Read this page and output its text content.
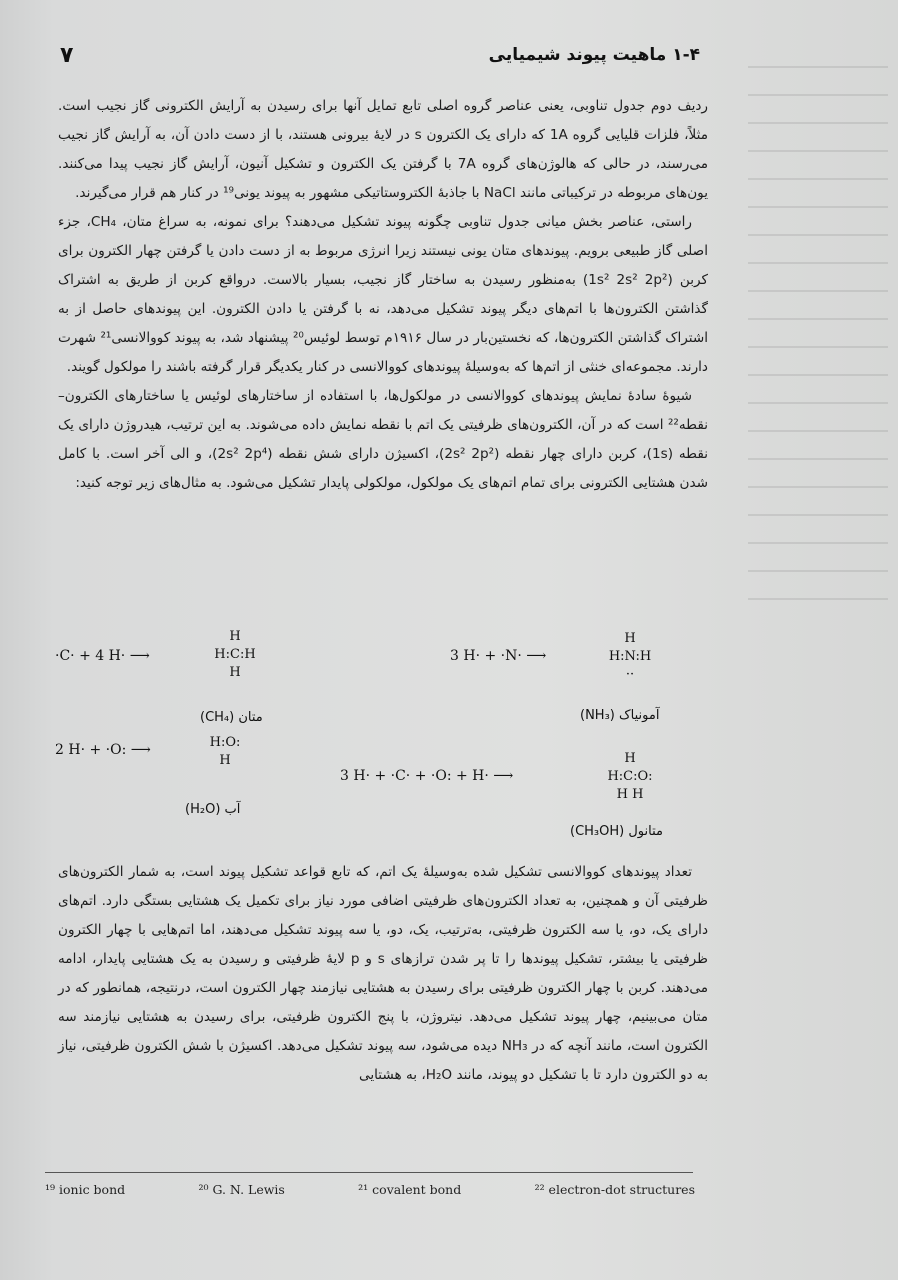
۷	۱-۴ ماهیت پیوند شیمیایی

ردیف دوم جدول تناوبی، یعنی عناصر گروه اصلی تابع تمایل آنها برای رسیدن به آرایش الکترونی گاز نجیب است. مثلاً، فلزات قلیایی گروه 1A که دارای یک الکترون s در لایهٔ بیرونی هستند، با از دست دادن آن، به آرایش گاز نجیب می‌رسند، در حالی که هالوژن‌های گروه 7A با گرفتن یک الکترون و تشکیل آنیون، آرایش گاز نجیب پیدا می‌کنند. یون‌های مربوطه در ترکیباتی مانند NaCl با جاذبهٔ الکتروستاتیکی مشهور به پیوند یونی¹⁹ در کنار هم قرار می‌گیرند.

راستی، عناصر بخش میانی جدول تناوبی چگونه پیوند تشکیل می‌دهند؟ برای نمونه، به سراغ متان، CH₄، جزء اصلی گاز طبیعی برویم. پیوندهای متان یونی نیستند زیرا انرژی مربوط به از دست دادن یا گرفتن چهار الکترون برای کربن (1s² 2s² 2p²) به‌منظور رسیدن به ساختار گاز نجیب، بسیار بالاست. درواقع کربن از طریق به اشتراک گذاشتن الکترون‌ها با اتم‌های دیگر پیوند تشکیل می‌دهد، نه با گرفتن یا دادن الکترون. این پیوندهای حاصل از به اشتراک گذاشتن الکترون‌ها، که نخستین‌بار در سال ۱۹۱۶م توسط لوئیس²⁰ پیشنهاد شد، به پیوند کووالانسی²¹ شهرت دارند. مجموعه‌ای خنثی از اتم‌ها که به‌وسیلهٔ پیوندهای کووالانسی در کنار یکدیگر قرار گرفته باشند را مولکول گویند.

شیوهٔ سادهٔ نمایش پیوندهای کووالانسی در مولکول‌ها، با استفاده از ساختارهای لوئیس یا ساختارهای الکترون–نقطه²² است که در آن، الکترون‌های ظرفیتی یک اتم با نقطه نمایش داده می‌شوند. به این ترتیب، هیدروژن دارای یک نقطه (1s)، کربن دارای چهار نقطه (2s² 2p²)، اکسیژن دارای شش نقطه (2s² 2p⁴)، و الی آخر است. با کامل شدن هشتایی الکترونی برای تمام اتم‌های یک مولکول، مولکولی پایدار تشکیل می‌شود. به مثال‌های زیر توجه کنید:

·C· + 4 H· ⟶
H
H:C:H
H
متان (CH₄)
3 H· + ·N· ⟶
H
H:N:H
··
آمونیاک (NH₃)
2 H· + ·O: ⟶	H:O:
H
آب (H₂O)
3 H· + ·C· + ·O: + H· ⟶
H
H:C:O:
H H
متانول (CH₃OH)

تعداد پیوندهای کووالانسی تشکیل شده به‌وسیلهٔ یک اتم، که تابع قواعد تشکیل پیوند است، به شمار الکترون‌های ظرفیتی آن و همچنین، به تعداد الکترون‌های ظرفیتی اضافی مورد نیاز برای تکمیل یک هشتایی بستگی دارد. اتم‌های دارای یک، دو، یا سه الکترون ظرفیتی، به‌ترتیب، یک، دو، یا سه پیوند تشکیل می‌دهند، اما اتم‌هایی با چهار الکترون ظرفیتی یا بیشتر، تشکیل پیوندها را تا پر شدن ترازهای s و p لایهٔ ظرفیتی و رسیدن به یک هشتایی پایدار، ادامه می‌دهند. کربن با چهار الکترون ظرفیتی برای رسیدن به هشتایی نیازمند چهار الکترون است، درنتیجه، همانطور که در متان می‌بینیم، چهار پیوند تشکیل می‌دهد. نیتروژن، با پنج الکترون ظرفیتی، برای رسیدن به هشتایی نیازمند سه الکترون است، مانند آنچه که در NH₃ دیده می‌شود، سه پیوند تشکیل می‌دهد. اکسیژن با شش الکترون ظرفیتی، نیاز به دو الکترون دارد تا با تشکیل دو پیوند، مانند H₂O، به هشتایی

¹⁹ ionic bond	²⁰ G. N. Lewis	²¹ covalent bond	²² electron-dot structures
